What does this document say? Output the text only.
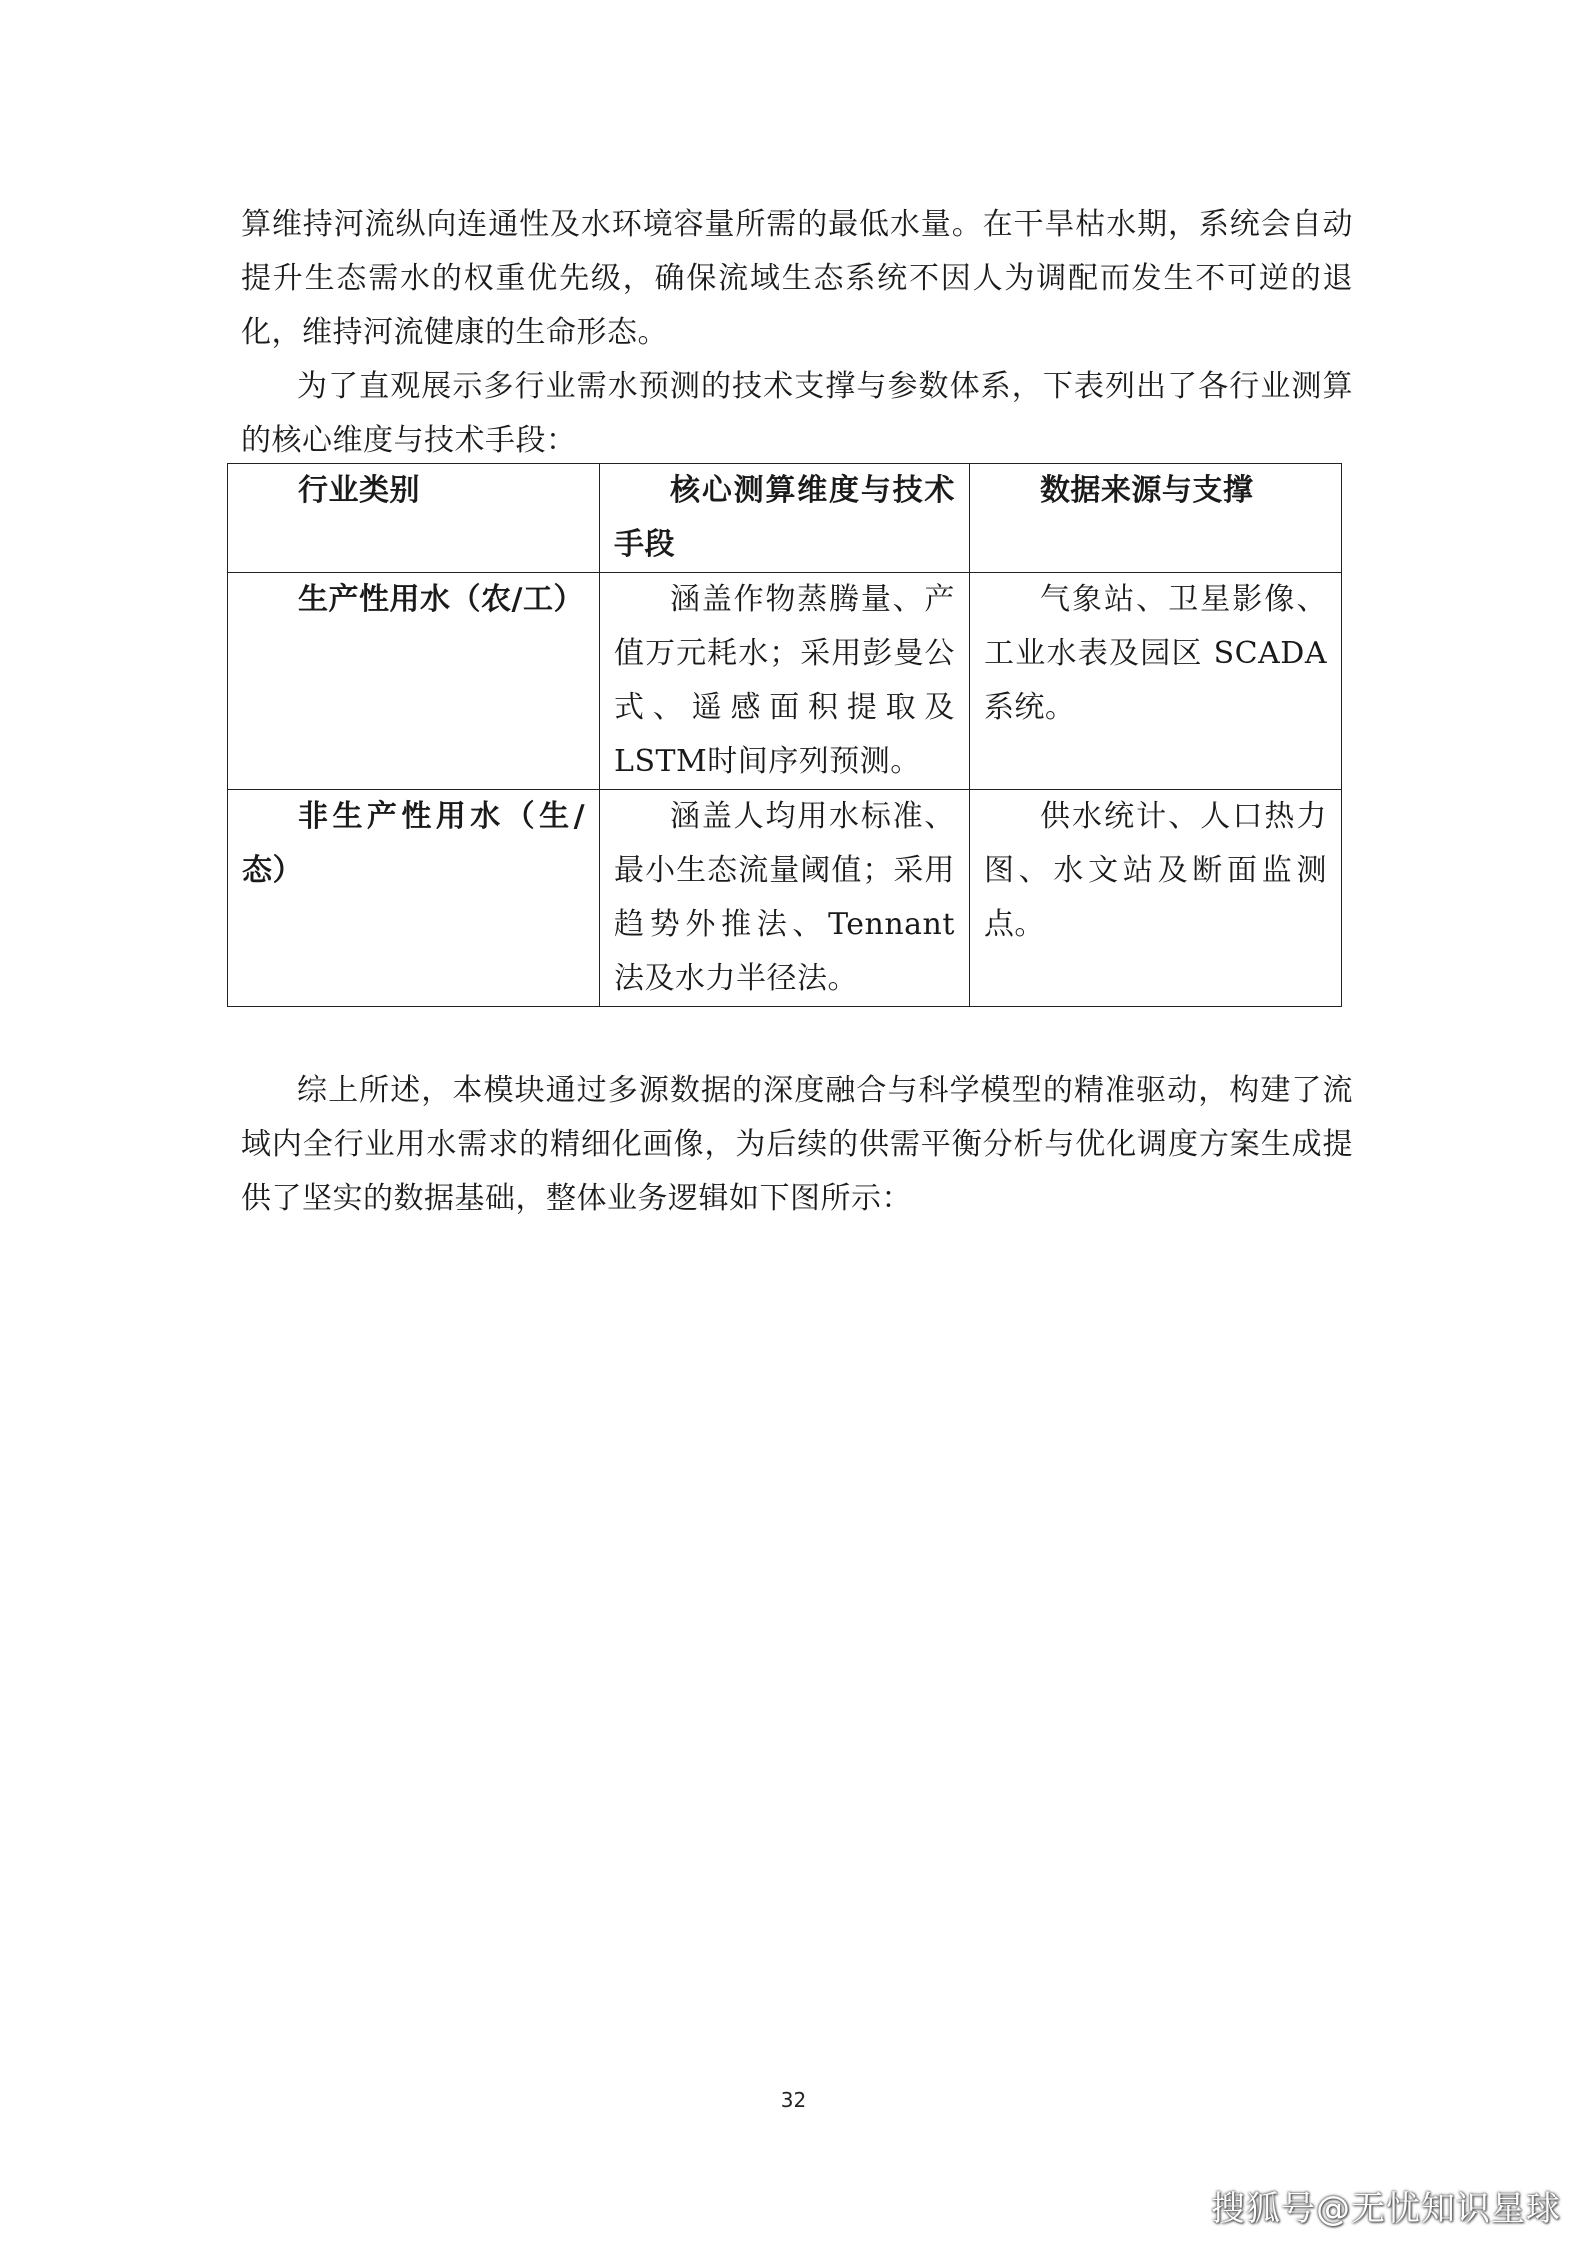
算维持河流纵向连通性及水环境容量所需的最低水量。在干旱枯水期，系统会自动提升生态需水的权重优先级，确保流域生态系统不因人为调配而发生不可逆的退化，维持河流健康的生命形态。

为了直观展示多行业需水预测的技术支撑与参数体系，下表列出了各行业测算的核心维度与技术手段：

行业类别	核心测算维度与技术手段	数据来源与支撑
生产性用水（农/工）	涵盖作物蒸腾量、产值万元耗水；采用彭曼公式、遥感面积提取及LSTM时间序列预测。	气象站、卫星影像、工业水表及园区 SCADA 系统。
非生产性用水（生/态）	涵盖人均用水标准、最小生态流量阈值；采用趋势外推法、Tennant 法及水力半径法。	供水统计、人口热力图、水文站及断面监测点。

综上所述，本模块通过多源数据的深度融合与科学模型的精准驱动，构建了流域内全行业用水需求的精细化画像，为后续的供需平衡分析与优化调度方案生成提供了坚实的数据基础，整体业务逻辑如下图所示：

32
搜狐号@无忧知识星球
